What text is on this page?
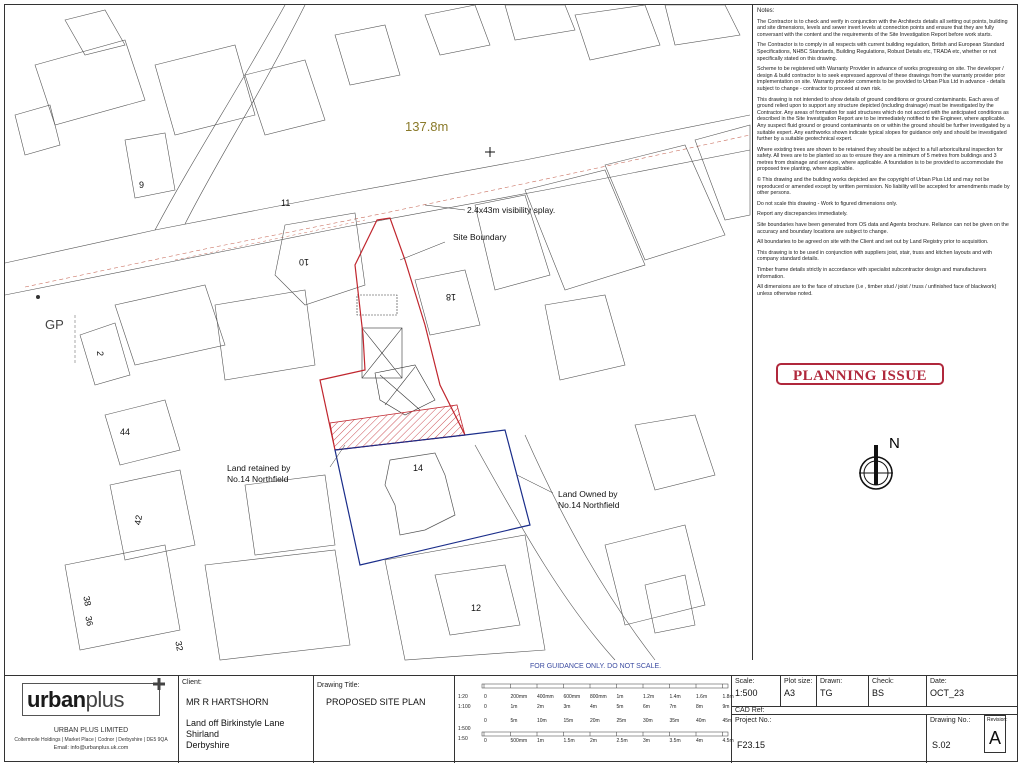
137.8m
2.4x43m visibility splay.
Site Boundary
Land retained by
No.14 Northfield
Land Owned by
No.14 Northfield
GP
9
11
10
18
2
44
14
42
38
36
12
32
Notes:

The Contractor is to check and verify in conjunction with the Architects details all setting out points, building and site dimensions, levels and sewer invert levels at connection points and ensure that they are fully conversant with the content and the requirements of the Site Investigation Report before work starts.

The Contractor is to comply in all respects with current building regulation, British and European Standard Specifications, NHBC Standards, Building Regulations, Robust Details etc, TRADA etc, whether or not specifically stated on this drawing.

Scheme to be registered with Warranty Provider in advance of works progressing on site. The developer / design & build contractor is to seek expressed approval of these drawings from the warranty provider prior implementation on site. Warranty provider comments to be provided to Urban Plus Ltd in advance - details subject to change - contractor to proceed at own risk.

This drawing is not intended to show details of ground conditions or ground contaminants. Each area of ground relied upon to support any structure depicted (including drainage) must be investigated by the Contractor. Any areas of formation for said structures which do not accord with the anticipated conditions as described in the Site Investigation Report are to be immediately notified to the Engineer, where applicable. Any suspect fluid ground or ground contaminants on or within the ground should be further investigated by a suitable expert. Any earthworks shown indicate typical slopes for guidance only and should be investigated further by a suitable geotechnical expert.

Where existing trees are shown to be retained they should be subject to a full arboricultural inspection for safety. All trees are to be planted so as to ensure they are a minimum of 5 metres from buildings and 3 metres from drainage and services, where applicable. A foundation is to be provided to accommodate the proposed tree planting, where applicable.

© This drawing and the building works depicted are the copyright of Urban Plus Ltd and may not be reproduced or amended except by written permission. No liability will be accepted for amendments made by other persons.

Do not scale this drawing - Work to figured dimensions only.

Report any discrepancies immediately.

Site boundaries have been generated from OS data and Agents brochure. Reliance can not be given on the accuracy and boundary locations are subject to change.

All boundaries to be agreed on site with the Client and set out by Land Registry prior to acquisition.

This drawing is to be used in conjunction with suppliers joist, stair, truss and kitchen layouts and with company standard details.

Timber frame details strictly in accordance with specialist subcontractor design and manufacturers information.

All dimensions are to the face of structure (i.e , timber stud / joist / truss / unfinished face of blackwork) unless otherwise noted.

PLANNING ISSUE
N
FOR GUIDANCE ONLY. DO NOT SCALE.
urbanplus
URBAN PLUS LIMITED
Coltermoile Holdings | Market Place | Codnor | Derbyshire | DE5 9QA
Email: info@urbanplus.uk.com
Client:
MR R HARTSHORN
Land off Birkinstyle Lane
Shirland
Derbyshire
Drawing Title:
PROPOSED SITE PLAN	1:20
1:100
1:500
1:50
0	200mm 400mm 600mm 800mm 1m	1.2m	1.4m	1.6m	1.8m
0	1m	2m	3m	4m	5m	6m	7m	8m	9m
0	5m	10m	15m	20m	25m	30m	35m	40m	45m
0	500mm 1m	1.5m	2m	2.5m	3m	3.5m	4m	4.5m
Scale:
1:500
Plot size:
A3
Drawn:
TG
Check:
BS
Date:
OCT_23
CAD Ref:
Project No.:
F23.15
Drawing No.:
S.02
Revision:
A
